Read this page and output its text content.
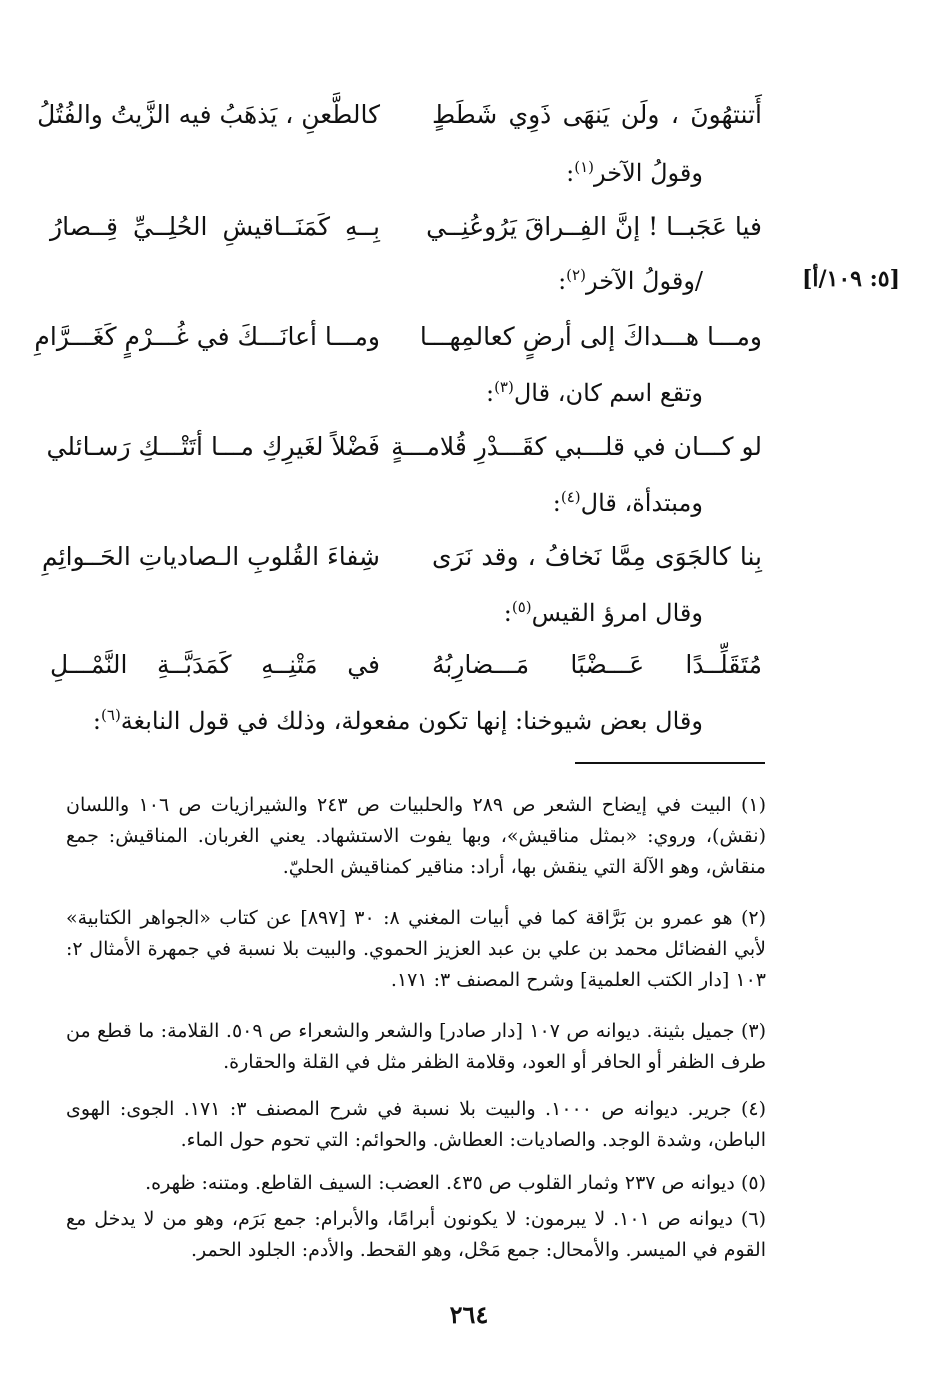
[٥: ١٠٩/أ]
أَتنتهُونَ ، ولَن يَنهَى ذَوِي شَطَطٍ
كالطَّعنِ ، يَذهَبُ فيه الزَّيتُ والفُتُلُ
وقولُ الآخر$^{(١)}$:
فيا عَجَبــا ! إنَّ الفِــراقَ يَرُوعُنِــي
بِــهِ كَمَنَــاقيشِ الحُلِــيِّ قِــصارُ
/وقولُ الآخر$^{(٢)}$:
ومـــا هـــداكَ إلى أرضٍ كعالمِهـــا
ومـــا أعانَـــكَ في غُـــرْمٍ كَغَـــرَّامِ
وتقع اسم كان، قال$^{(٣)}$:
لو كـــان في قلـــبي كقَـــدْرِ قُلامـــةٍ
فَضْلاً لغَيرِكِ مـــا أتَتْـــكِ رَسـائلي
ومبتدأة، قال$^{(٤)}$:
بِنا كالجَوَى مِمَّا نَخافُ ، وقد نَرَى
شِفاءَ القُلوبِ الـصادياتِ الحَــوائِمِ
وقال امرؤ القيس$^{(٥)}$:
مُتَقَلِّــدًا عَـــضْبًا مَـــضارِبُهُ
في مَتْنِــهِ كَمَدَبَّــةِ النَّمْـــلِ
وقال بعض شيوخنا: إنها تكون مفعولة، وذلك في قول النابغة$^{(٦)}$:
(١) البيت في إيضاح الشعر ص ٢٨٩ والحلبيات ص ٢٤٣ والشيرازيات ص ١٠٦ واللسان (نقش)، وروي: «بمثل مناقيش»، وبها يفوت الاستشهاد. يعني الغربان. المناقيش: جمع منقاش، وهو الآلة التي ينقش بها، أراد: مناقير كمناقيش الحليّ.
(٢) هو عمرو بن بَرَّاقة كما في أبيات المغني ٨: ٣٠ [٨٩٧] عن كتاب «الجواهر الكتابية» لأبي الفضائل محمد بن علي بن عبد العزيز الحموي. والبيت بلا نسبة في جمهرة الأمثال ٢: ١٠٣ [دار الكتب العلمية] وشرح المصنف ٣: ١٧١.
(٣) جميل بثينة. ديوانه ص ١٠٧ [دار صادر] والشعر والشعراء ص ٥٠٩. القلامة: ما قطع من طرف الظفر أو الحافر أو العود، وقلامة الظفر مثل في القلة والحقارة.
(٤) جرير. ديوانه ص ١٠٠٠. والبيت بلا نسبة في شرح المصنف ٣: ١٧١. الجوى: الهوى الباطن، وشدة الوجد. والصاديات: العطاش. والحوائم: التي تحوم حول الماء.
(٥) ديوانه ص ٢٣٧ وثمار القلوب ص ٤٣٥. العضب: السيف القاطع. ومتنه: ظهره.
(٦) ديوانه ص ١٠١. لا يبرمون: لا يكونون أبرامًا، والأبرام: جمع بَرَم، وهو من لا يدخل مع القوم في الميسر. والأمحال: جمع مَحْل، وهو القحط. والأدم: الجلود الحمر.
٢٦٤
